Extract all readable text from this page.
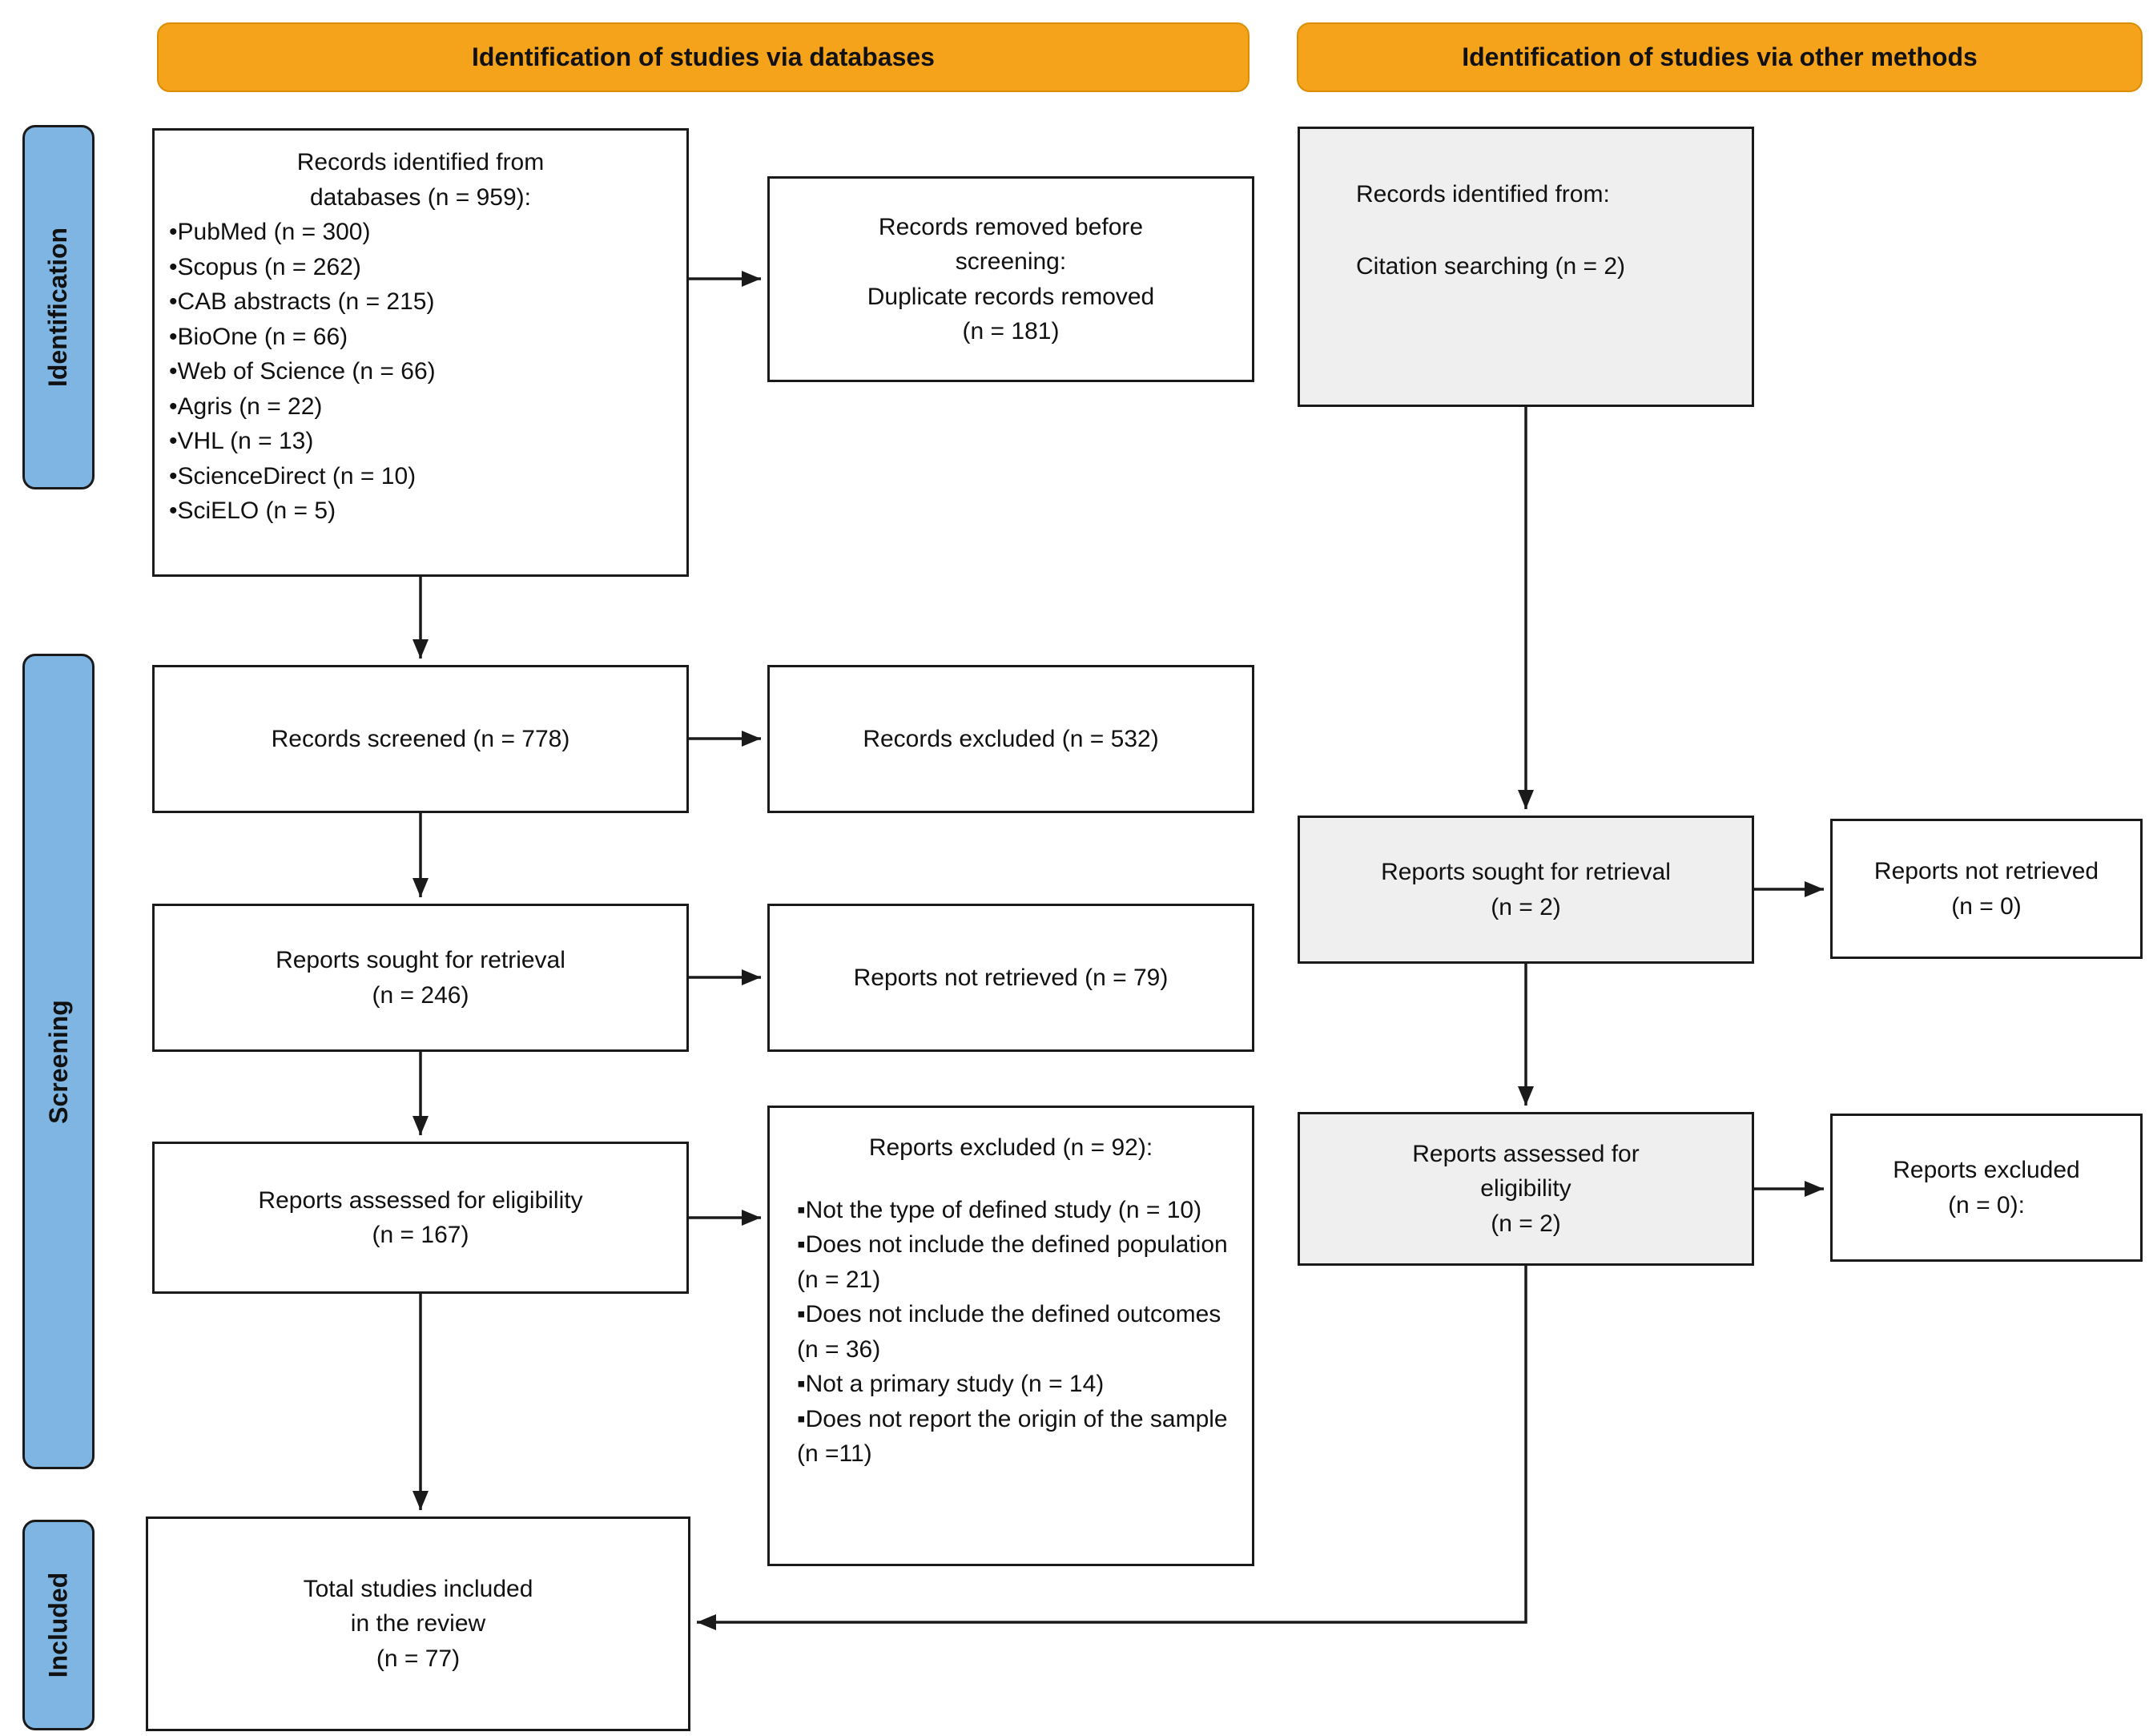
Identification of studies via databases	Identification of studies via other methods
Identification
Screening
Included
Records identified from
databases (n = 959):
•PubMed (n = 300)
•Scopus (n = 262)
•CAB abstracts (n = 215)
•BioOne (n = 66)
•Web of Science (n = 66)
•Agris (n = 22)
•VHL (n = 13)
•ScienceDirect (n = 10)
•SciELO (n = 5)
Records removed before
screening:
Duplicate records removed
(n = 181)
Records screened (n = 778)	Records excluded (n = 532)
Reports sought for retrieval
(n = 246)
Reports not retrieved (n = 79)
Reports assessed for eligibility
(n = 167)
Reports excluded (n = 92):
▪Not the type of defined study (n = 10)
▪Does not include the defined population (n = 21)
▪Does not include the defined outcomes (n = 36)
▪Not a primary study (n = 14)
▪Does not report the origin of the sample (n =11)
Total studies included
in the review
(n = 77)
Records identified from:
Citation searching (n = 2)
Reports sought for retrieval
(n = 2)
Reports not retrieved
(n = 0)
Reports assessed for
eligibility
(n = 2)
Reports excluded
(n = 0):
